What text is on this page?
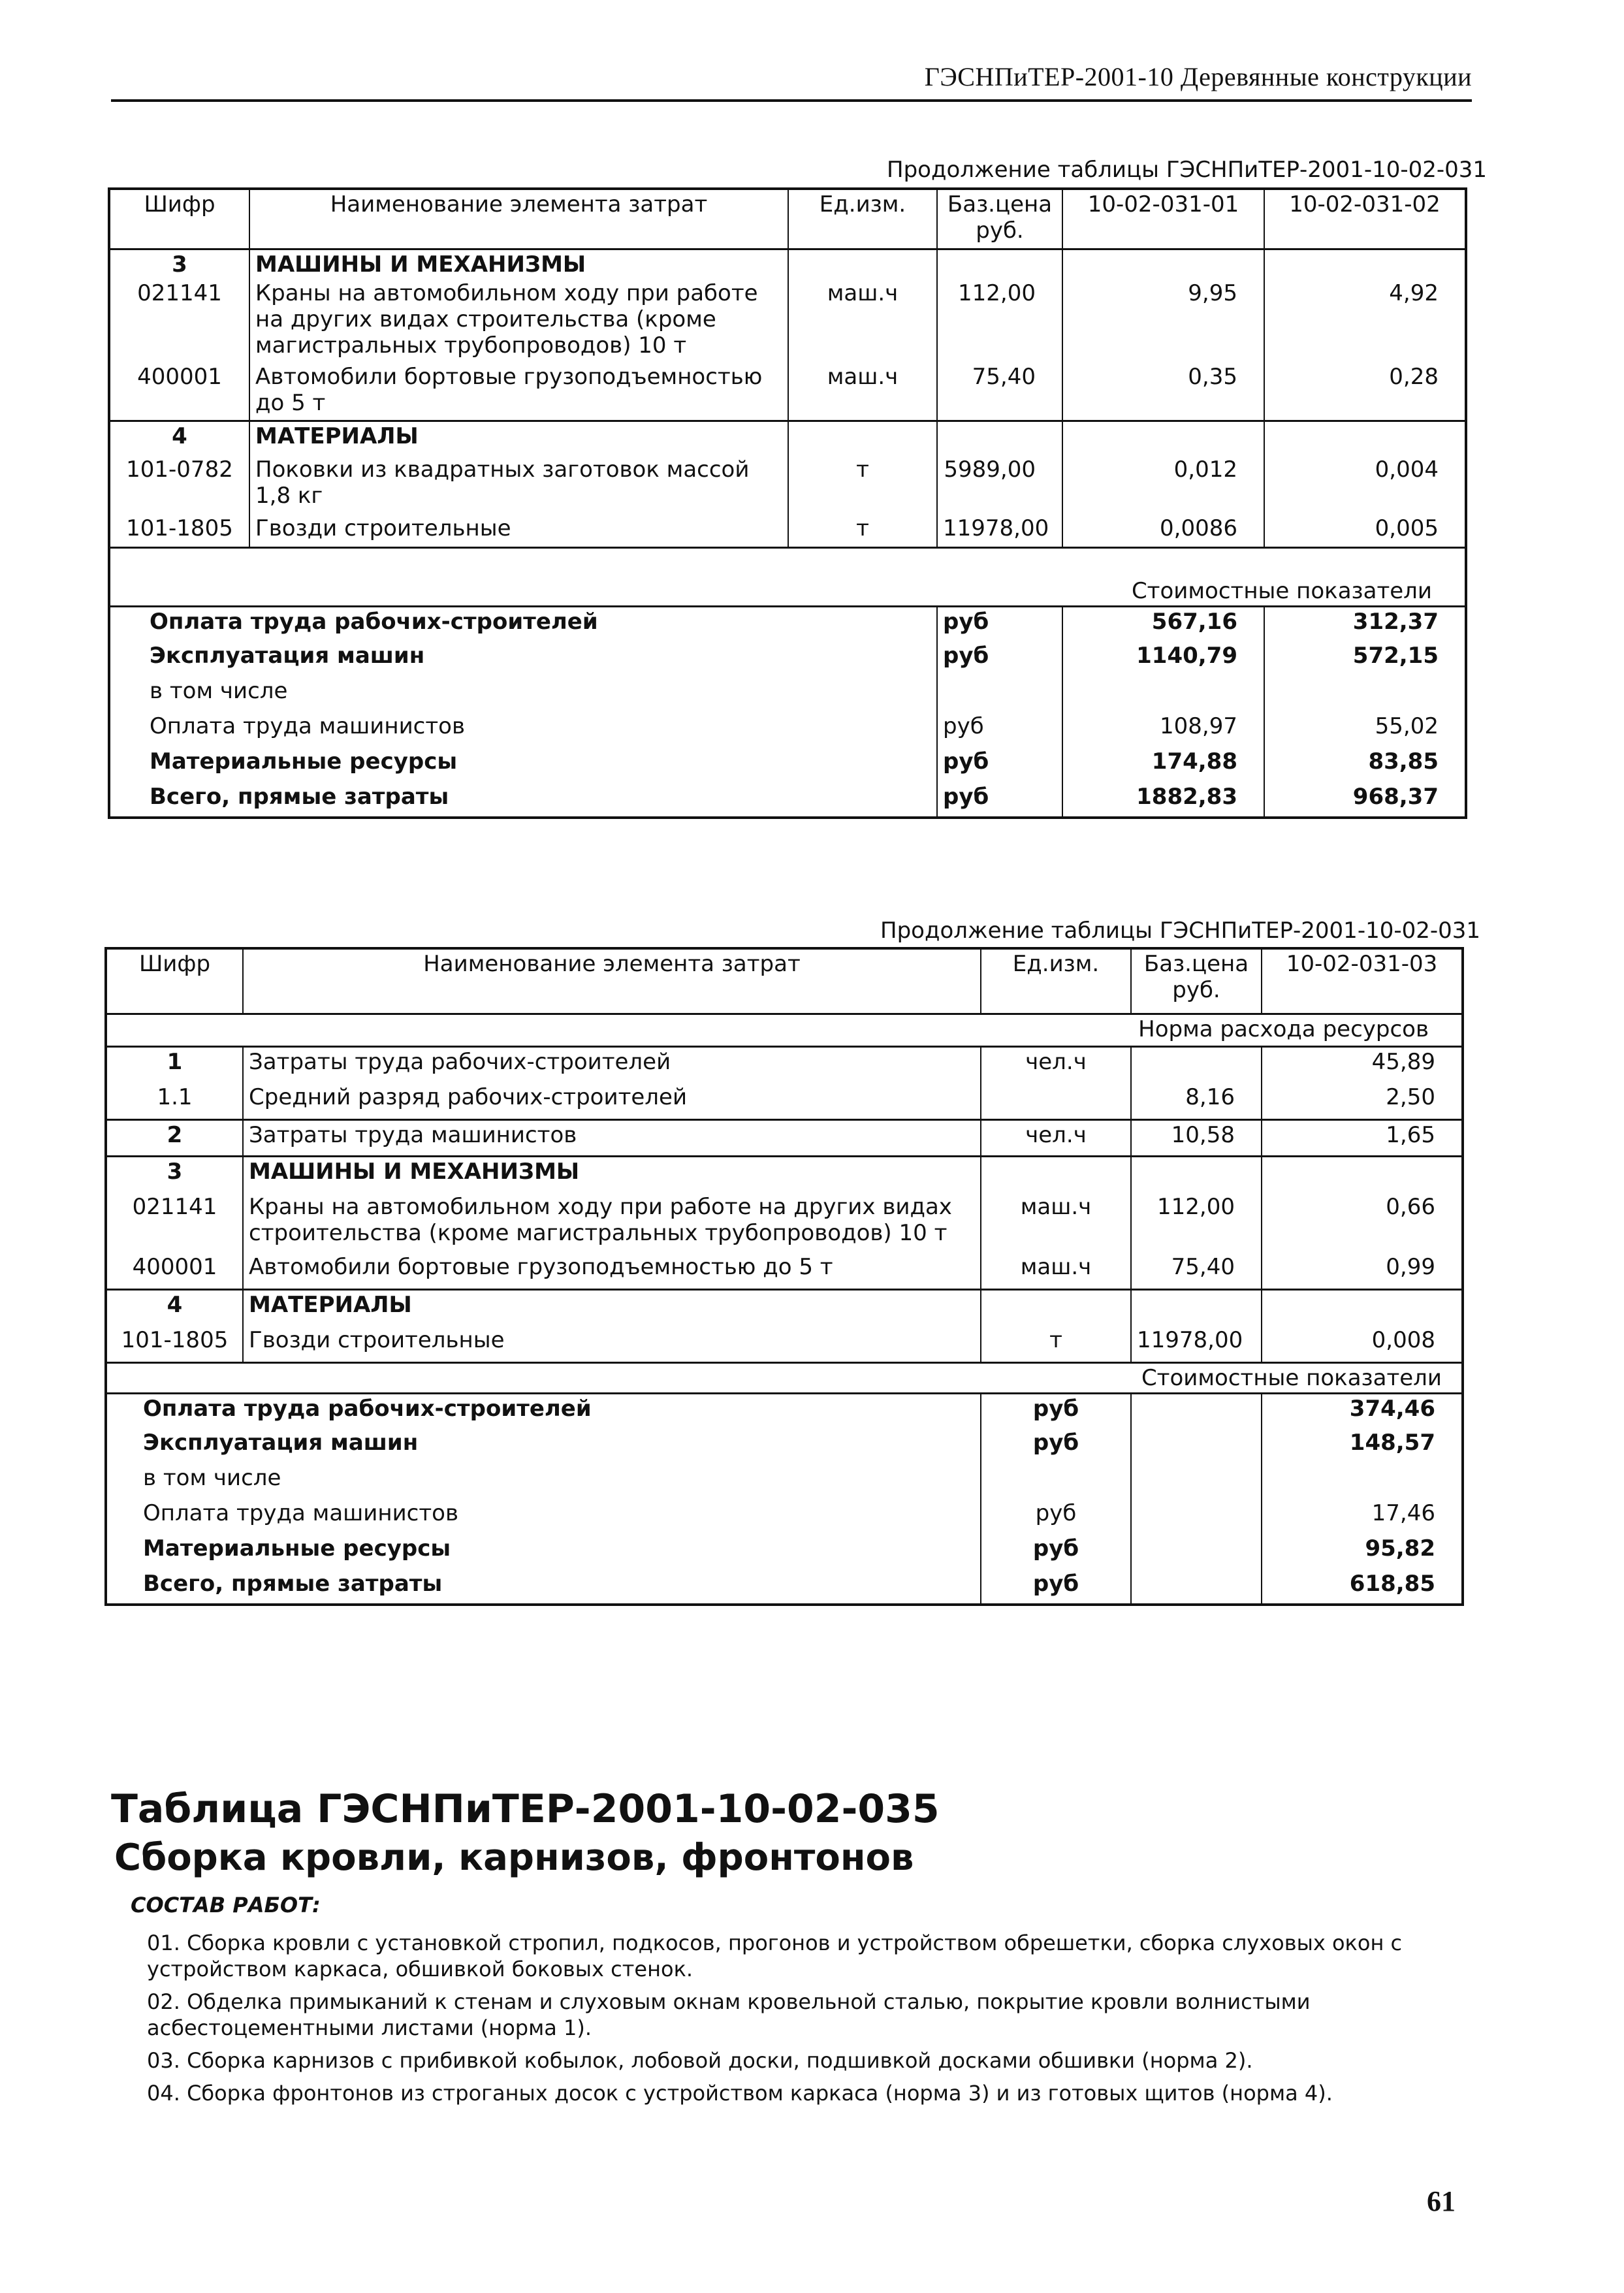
ГЭСНПиТЕР-2001-10 Деревянные конструкции
Продолжение таблицы ГЭСНПиТЕР-2001-10-02-031
Шифр	Наименование элемента затрат	Ед.изм.	Баз.цена руб.	10-02-031-01	10-02-031-02
3	МАШИНЫ И МЕХАНИЗМЫ				
021141	Краны на автомобильном ходу при работе на других видах строительства (кроме магистральных трубопроводов) 10 т	маш.ч	112,00	9,95	4,92
400001	Автомобили бортовые грузоподъемностью до 5 т	маш.ч	75,40	0,35	0,28
4	МАТЕРИАЛЫ				
101-0782	Поковки из квадратных заготовок массой 1,8 кг	т	5989,00	0,012	0,004
101-1805	Гвозди строительные	т	11978,00	0,0086	0,005

Стоимостные показатели					
Оплата труда рабочих-строителей			руб	567,16	312,37
Эксплуатация машин			руб	1140,79	572,15
в том числе					
Оплата труда машинистов			руб	108,97	55,02
Материальные ресурсы			руб	174,88	83,85
Всего, прямые затраты			руб	1882,83	968,37
Продолжение таблицы ГЭСНПиТЕР-2001-10-02-031
Шифр	Наименование элемента затрат	Ед.изм.	Баз.цена руб.	10-02-031-03
Норма расхода ресурсов				
1	Затраты труда рабочих-строителей	чел.ч		45,89
1.1	Средний разряд рабочих-строителей		8,16	2,50
2	Затраты труда машинистов	чел.ч	10,58	1,65
3	МАШИНЫ И МЕХАНИЗМЫ			
021141	Краны на автомобильном ходу при работе на других видах строительства (кроме магистральных трубопроводов) 10 т	маш.ч	112,00	0,66
400001	Автомобили бортовые грузоподъемностью до 5 т	маш.ч	75,40	0,99
4	МАТЕРИАЛЫ			
101-1805	Гвозди строительные	т	11978,00	0,008
Стоимостные показатели				
Оплата труда рабочих-строителей		руб		374,46
Эксплуатация машин		руб		148,57
в том числе				
Оплата труда машинистов		руб		17,46
Материальные ресурсы		руб		95,82
Всего, прямые затраты		руб		618,85
Таблица ГЭСНПиТЕР-2001-10-02-035
Сборка кровли, карнизов, фронтонов
СОСТАВ РАБОТ:

01. Сборка кровли с установкой стропил, подкосов, прогонов и устройством обрешетки, сборка слуховых окон с устройством каркаса, обшивкой боковых стенок.

02. Обделка примыканий к стенам и слуховым окнам кровельной сталью, покрытие кровли волнистыми асбестоцементными листами (норма 1).

03. Сборка карнизов с прибивкой кобылок, лобовой доски, подшивкой досками обшивки (норма 2).

04. Сборка фронтонов из строганых досок с устройством каркаса (норма 3) и из готовых щитов (норма 4).

61
